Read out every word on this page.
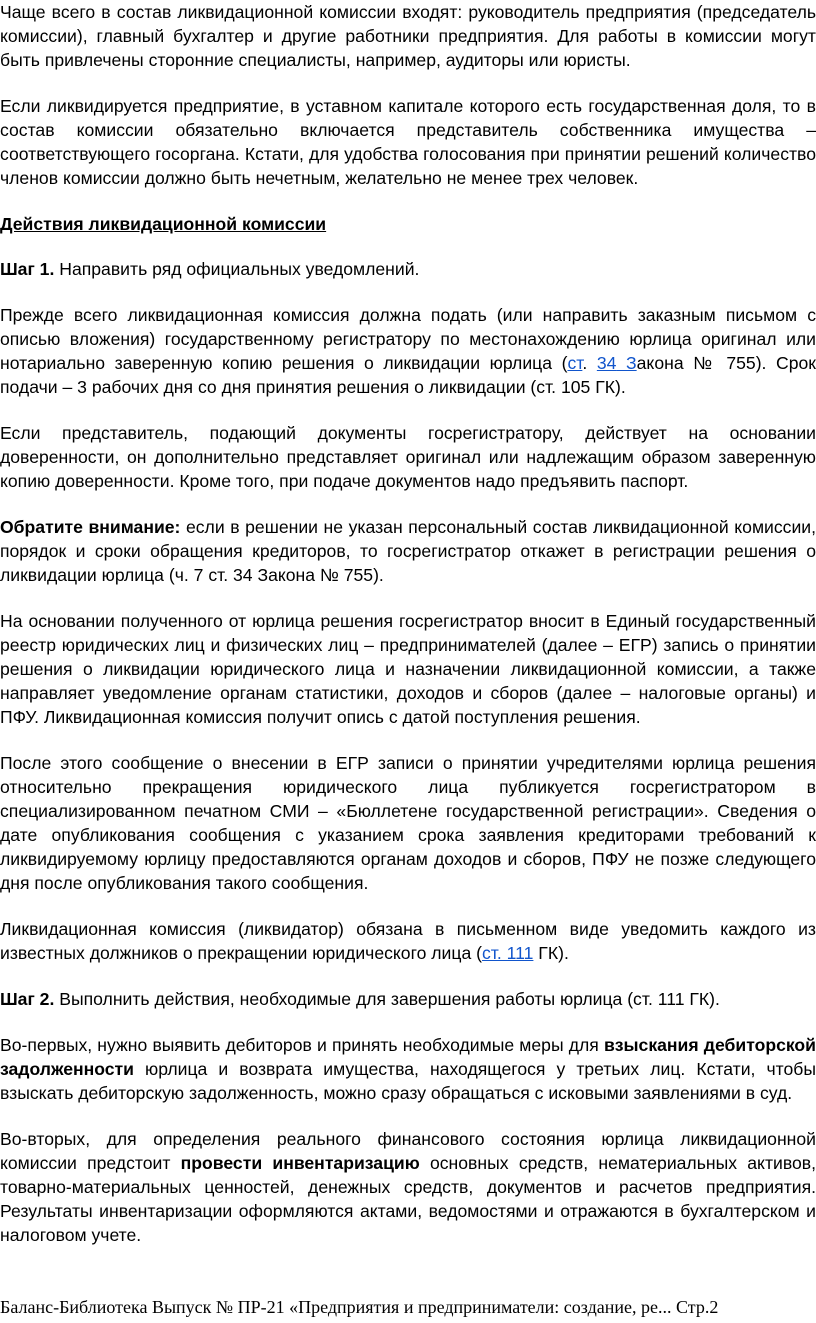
Чаще всего в состав ликвидационной комиссии входят: руководитель предприятия (председатель комиссии), главный бухгалтер и другие работники предприятия. Для работы в комиссии могут быть привлечены сторонние специалисты, например, аудиторы или юристы.

Если ликвидируется предприятие, в уставном капитале которого есть государственная доля, то в состав комиссии обязательно включается представитель собственника имущества – соответствующего госоргана. Кстати, для удобства голосования при принятии решений количество членов комиссии должно быть нечетным, желательно не менее трех человек.

Действия ликвидационной комиссии

Шаг 1. Направить ряд официальных уведомлений.

Прежде всего ликвидационная комиссия должна подать (или направить заказным письмом с описью вложения) государственному регистратору по местонахождению юрлица оригинал или нотариально заверенную копию решения о ликвидации юрлица (ст. 34 Закона № 755). Срок подачи – 3 рабочих дня со дня принятия решения о ликвидации (ст. 105 ГК).

Если представитель, подающий документы госрегистратору, действует на основании доверенности, он дополнительно представляет оригинал или надлежащим образом заверенную копию доверенности. Кроме того, при подаче документов надо предъявить паспорт.

Обратите внимание: если в решении не указан персональный состав ликвидационной комиссии, порядок и сроки обращения кредиторов, то госрегистратор откажет в регистрации решения о ликвидации юрлица (ч. 7 ст. 34 Закона № 755).

На основании полученного от юрлица решения госрегистратор вносит в Единый государственный реестр юридических лиц и физических лиц – предпринимателей (далее – ЕГР) запись о принятии решения о ликвидации юридического лица и назначении ликвидационной комиссии, а также направляет уведомление органам статистики, доходов и сборов (далее – налоговые органы) и ПФУ. Ликвидационная комиссия получит опись с датой поступления решения.

После этого сообщение о внесении в ЕГР записи о принятии учредителями юрлица решения относительно прекращения юридического лица публикуется госрегистратором в специализированном печатном СМИ – «Бюллетене государственной регистрации». Сведения о дате опубликования сообщения с указанием срока заявления кредиторами требований к ликвидируемому юрлицу предоставляются органам доходов и сборов, ПФУ не позже следующего дня после опубликования такого сообщения.

Ликвидационная комиссия (ликвидатор) обязана в письменном виде уведомить каждого из известных должников о прекращении юридического лица (ст. 111 ГК).

Шаг 2. Выполнить действия, необходимые для завершения работы юрлица (ст. 111 ГК).

Во-первых, нужно выявить дебиторов и принять необходимые меры для взыскания дебиторской задолженности юрлица и возврата имущества, находящегося у третьих лиц. Кстати, чтобы взыскать дебиторскую задолженность, можно сразу обращаться с исковыми заявлениями в суд.

Во-вторых, для определения реального финансового состояния юрлица ликвидационной комиссии предстоит провести инвентаризацию основных средств, нематериальных активов, товарно-материальных ценностей, денежных средств, документов и расчетов предприятия. Результаты инвентаризации оформляются актами, ведомостями и отражаются в бухгалтерском и налоговом учете.

Баланс-Библиотека Выпуск № ПР-21 «Предприятия и предприниматели: создание, ре... Стр.2
